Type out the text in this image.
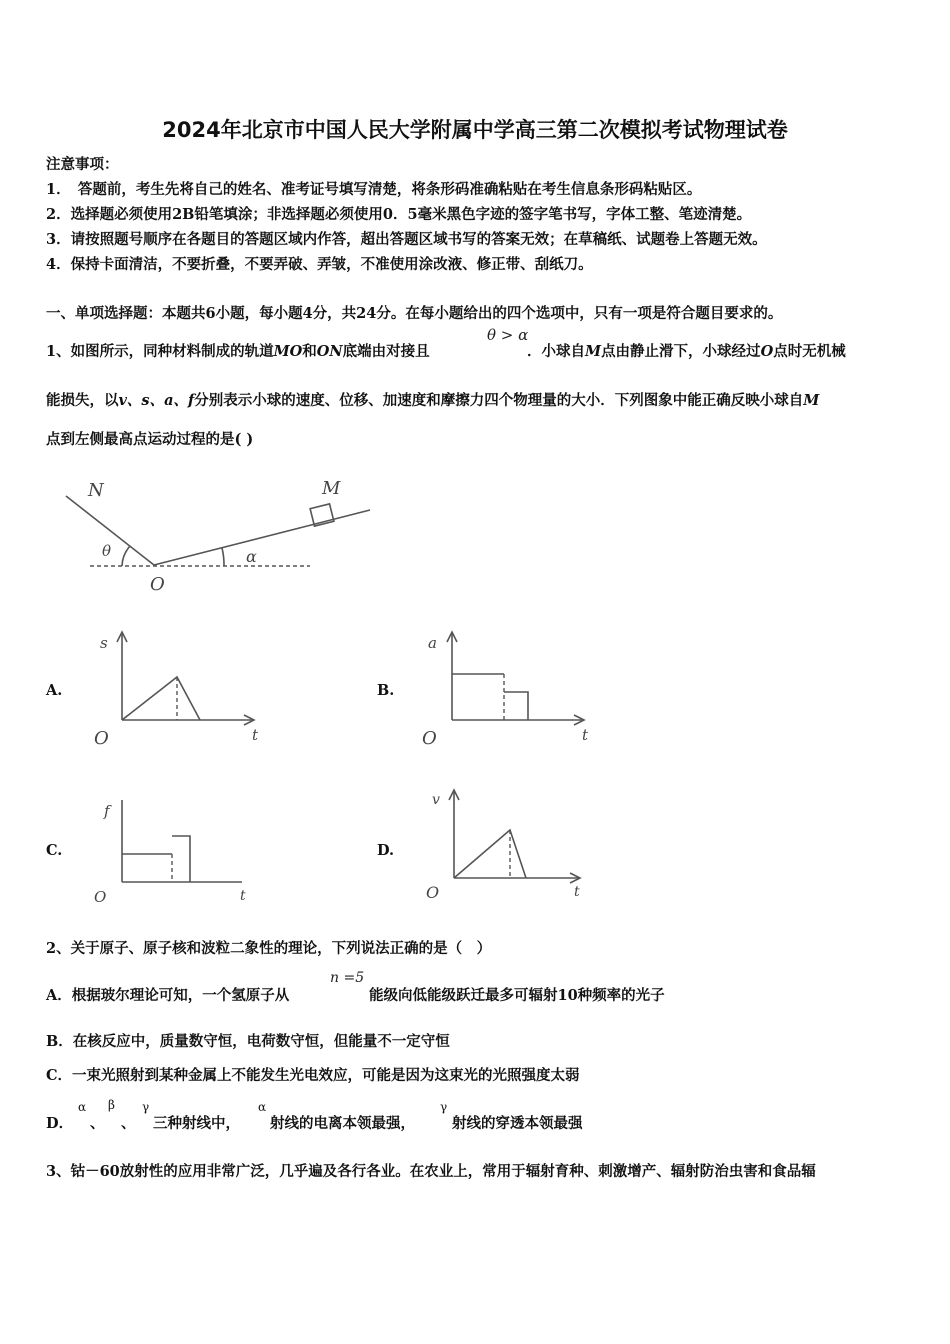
2024年北京市中国人民大学附属中学高三第二次模拟考试物理试卷
注意事项：
1．　答题前，考生先将自己的姓名、准考证号填写清楚，将条形码准确粘贴在考生信息条形码粘贴区。
2．选择题必须使用2B铅笔填涂；非选择题必须使用0．5毫米黑色字迹的签字笔书写，字体工整、笔迹清楚。
3．请按照题号顺序在各题目的答题区域内作答，超出答题区域书写的答案无效；在草稿纸、试题卷上答题无效。
4．保持卡面清洁，不要折叠，不要弄破、弄皱，不准使用涂改液、修正带、刮纸刀。
一、单项选择题：本题共6小题，每小题4分，共24分。在每小题给出的四个选项中，只有一项是符合题目要求的。
1、如图所示，同种材料制成的轨道MO和ON底端由对接且
θ > α
．小球自M点由静止滑下，小球经过O点时无机械
能损失，以v、s、a、f分别表示小球的速度、位移、加速度和摩擦力四个物理量的大小．下列图象中能正确反映小球自M
点到左侧最高点运动过程的是( )
N	M
O
θ	α
A.
s
O	t
B.
a
O	t
C.
f
O	t
D.
v
O	t
2、关于原子、原子核和波粒二象性的理论，下列说法正确的是（　）
A．根据玻尔理论可知，一个氢原子从
n =5
能级向低能级跃迁最多可辐射10种频率的光子
B．在核反应中，质量数守恒，电荷数守恒，但能量不一定守恒
C．一束光照射到某种金属上不能发生光电效应，可能是因为这束光的光照强度太弱
D．
α
、
β
、
γ
三种射线中，
α
射线的电离本领最强，
γ
射线的穿透本领最强
3、钴－60放射性的应用非常广泛，几乎遍及各行各业。在农业上，常用于辐射育种、刺激增产、辐射防治虫害和食品辐
